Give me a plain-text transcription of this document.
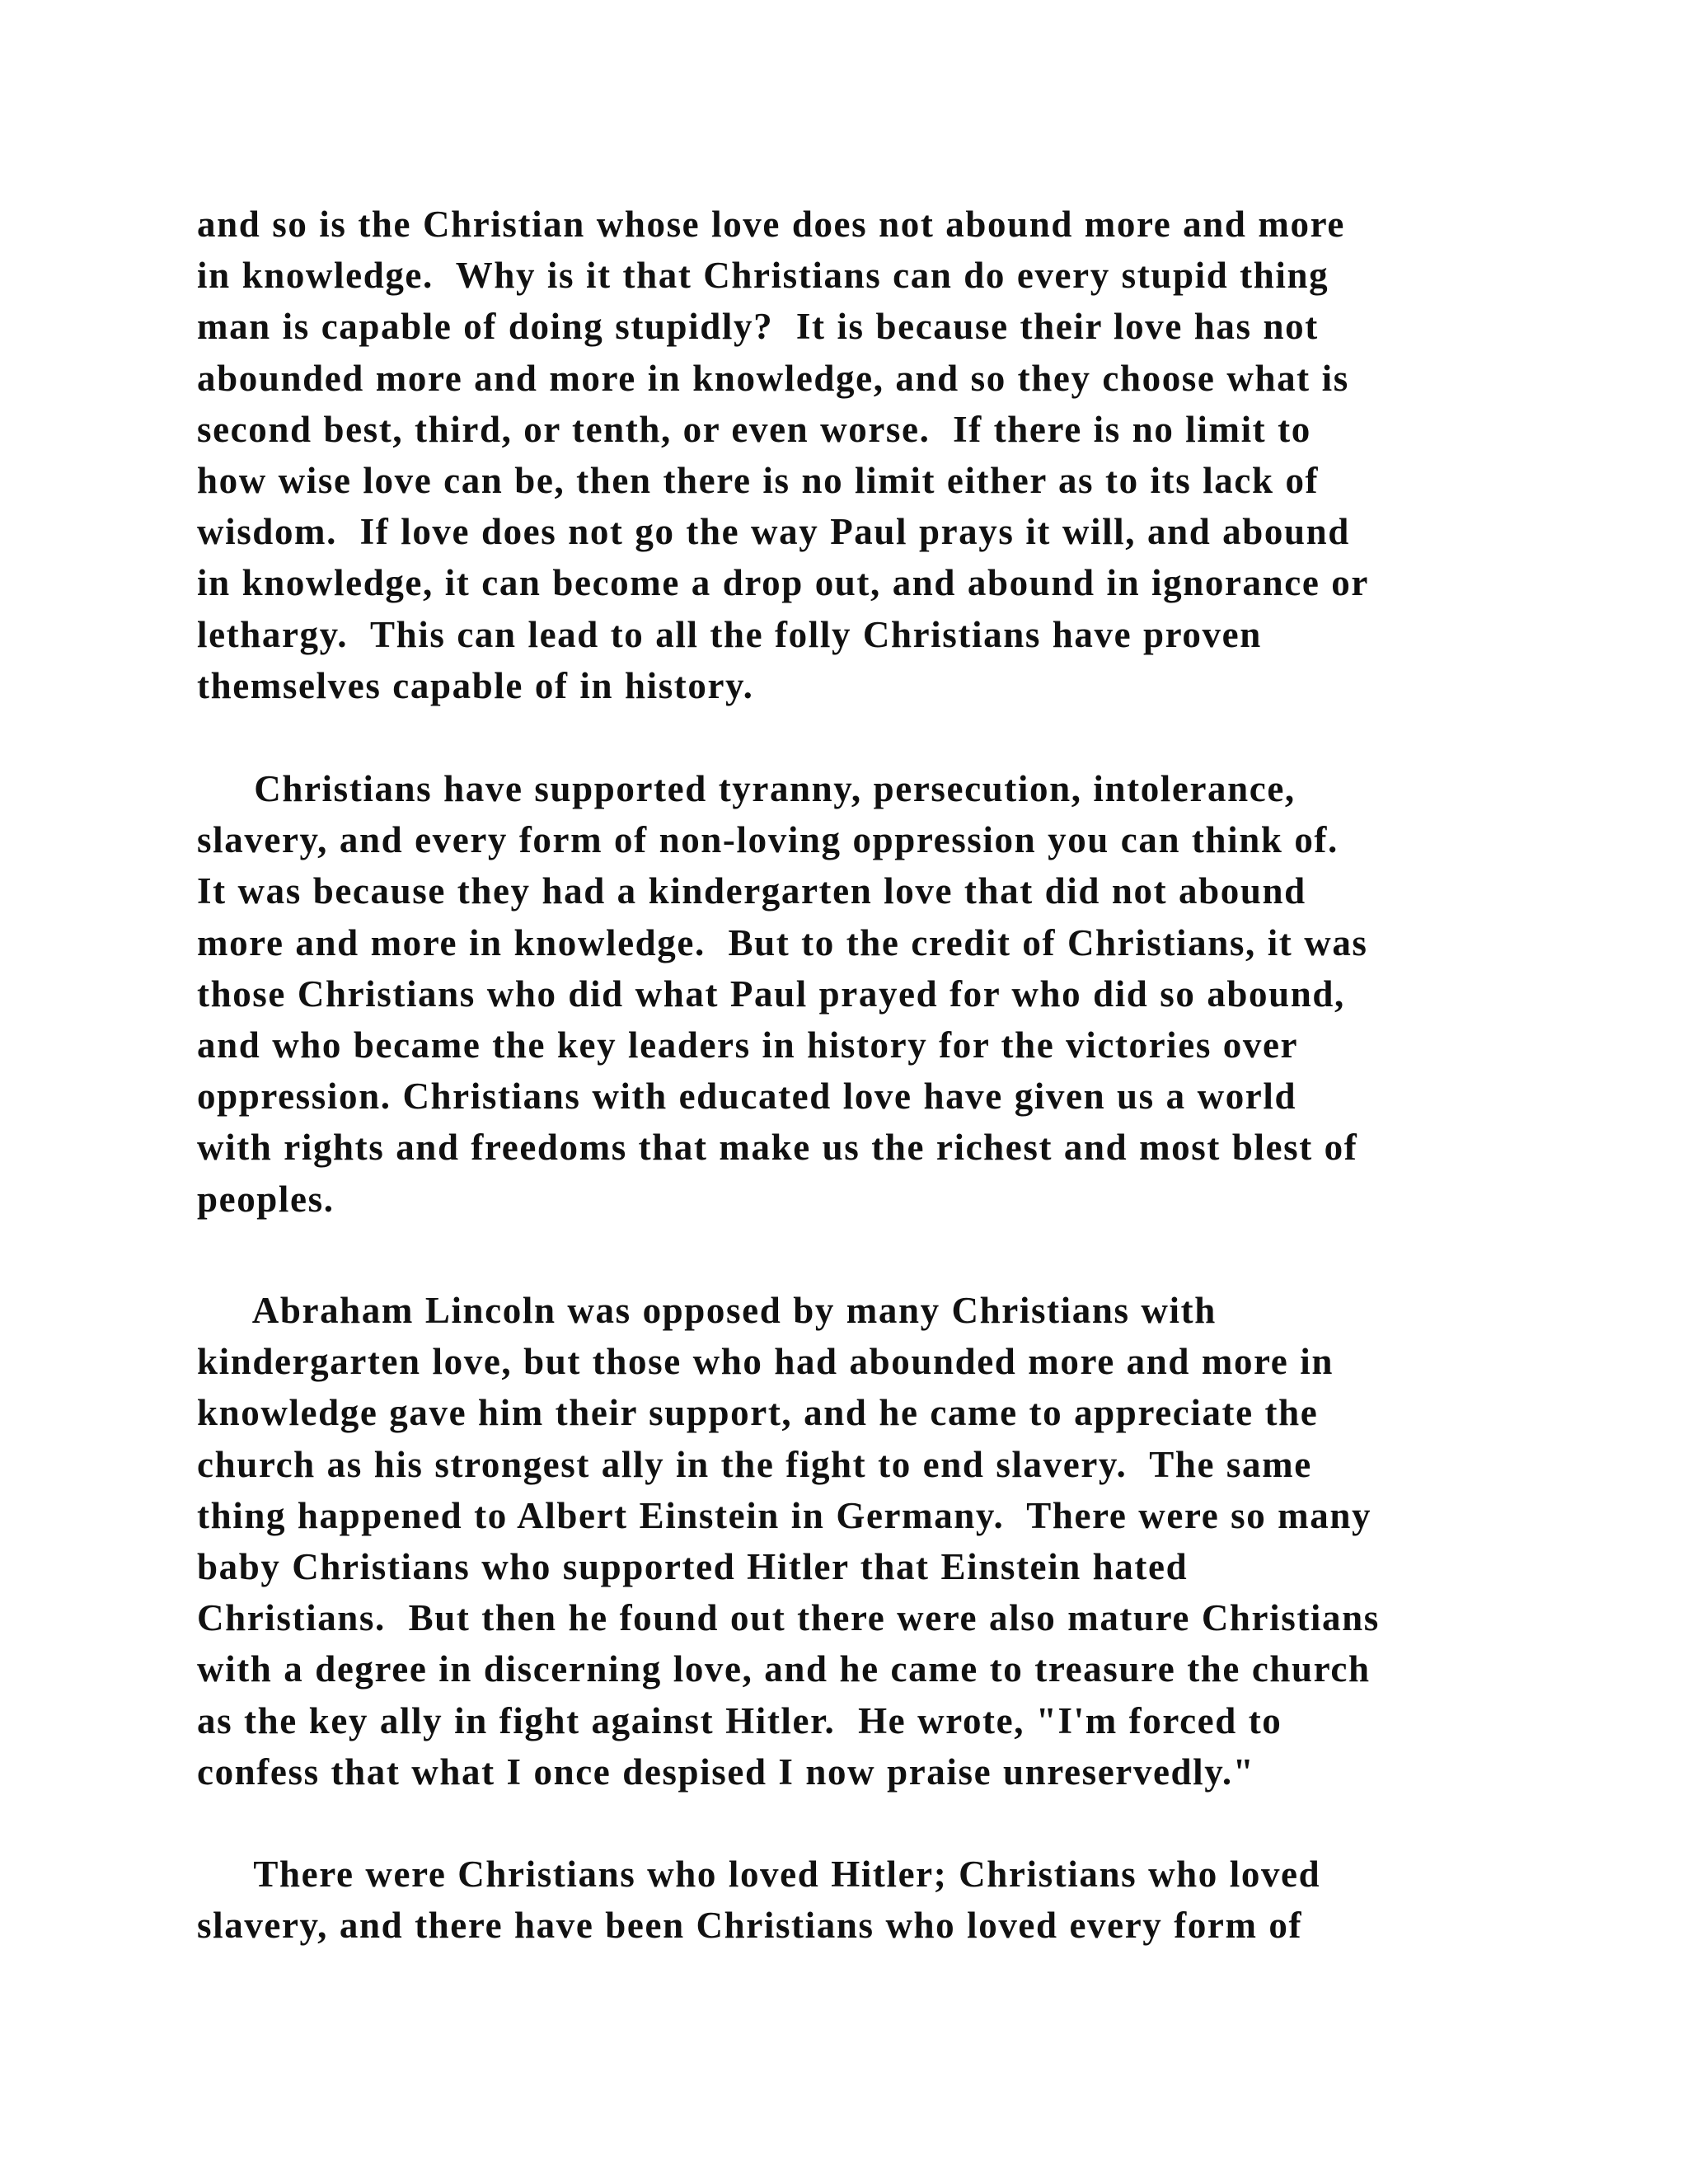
and so is the Christian whose love does not abound more and more
in knowledge.  Why is it that Christians can do every stupid thing
man is capable of doing stupidly?  It is because their love has not
abounded more and more in knowledge, and so they choose what is
second best, third, or tenth, or even worse.  If there is no limit to
how wise love can be, then there is no limit either as to its lack of
wisdom.  If love does not go the way Paul prays it will, and abound
in knowledge, it can become a drop out, and abound in ignorance or
lethargy.  This can lead to all the folly Christians have proven
themselves capable of in history.
Christians have supported tyranny, persecution, intolerance,
slavery, and every form of non-loving oppression you can think of.
It was because they had a kindergarten love that did not abound
more and more in knowledge.  But to the credit of Christians, it was
those Christians who did what Paul prayed for who did so abound,
and who became the key leaders in history for the victories over
oppression. Christians with educated love have given us a world
with rights and freedoms that make us the richest and most blest of
peoples.
Abraham Lincoln was opposed by many Christians with
kindergarten love, but those who had abounded more and more in
knowledge gave him their support, and he came to appreciate the
church as his strongest ally in the fight to end slavery.  The same
thing happened to Albert Einstein in Germany.  There were so many
baby Christians who supported Hitler that Einstein hated
Christians.  But then he found out there were also mature Christians
with a degree in discerning love, and he came to treasure the church
as the key ally in fight against Hitler.  He wrote, "I'm forced to
confess that what I once despised I now praise unreservedly."
There were Christians who loved Hitler; Christians who loved
slavery, and there have been Christians who loved every form of
